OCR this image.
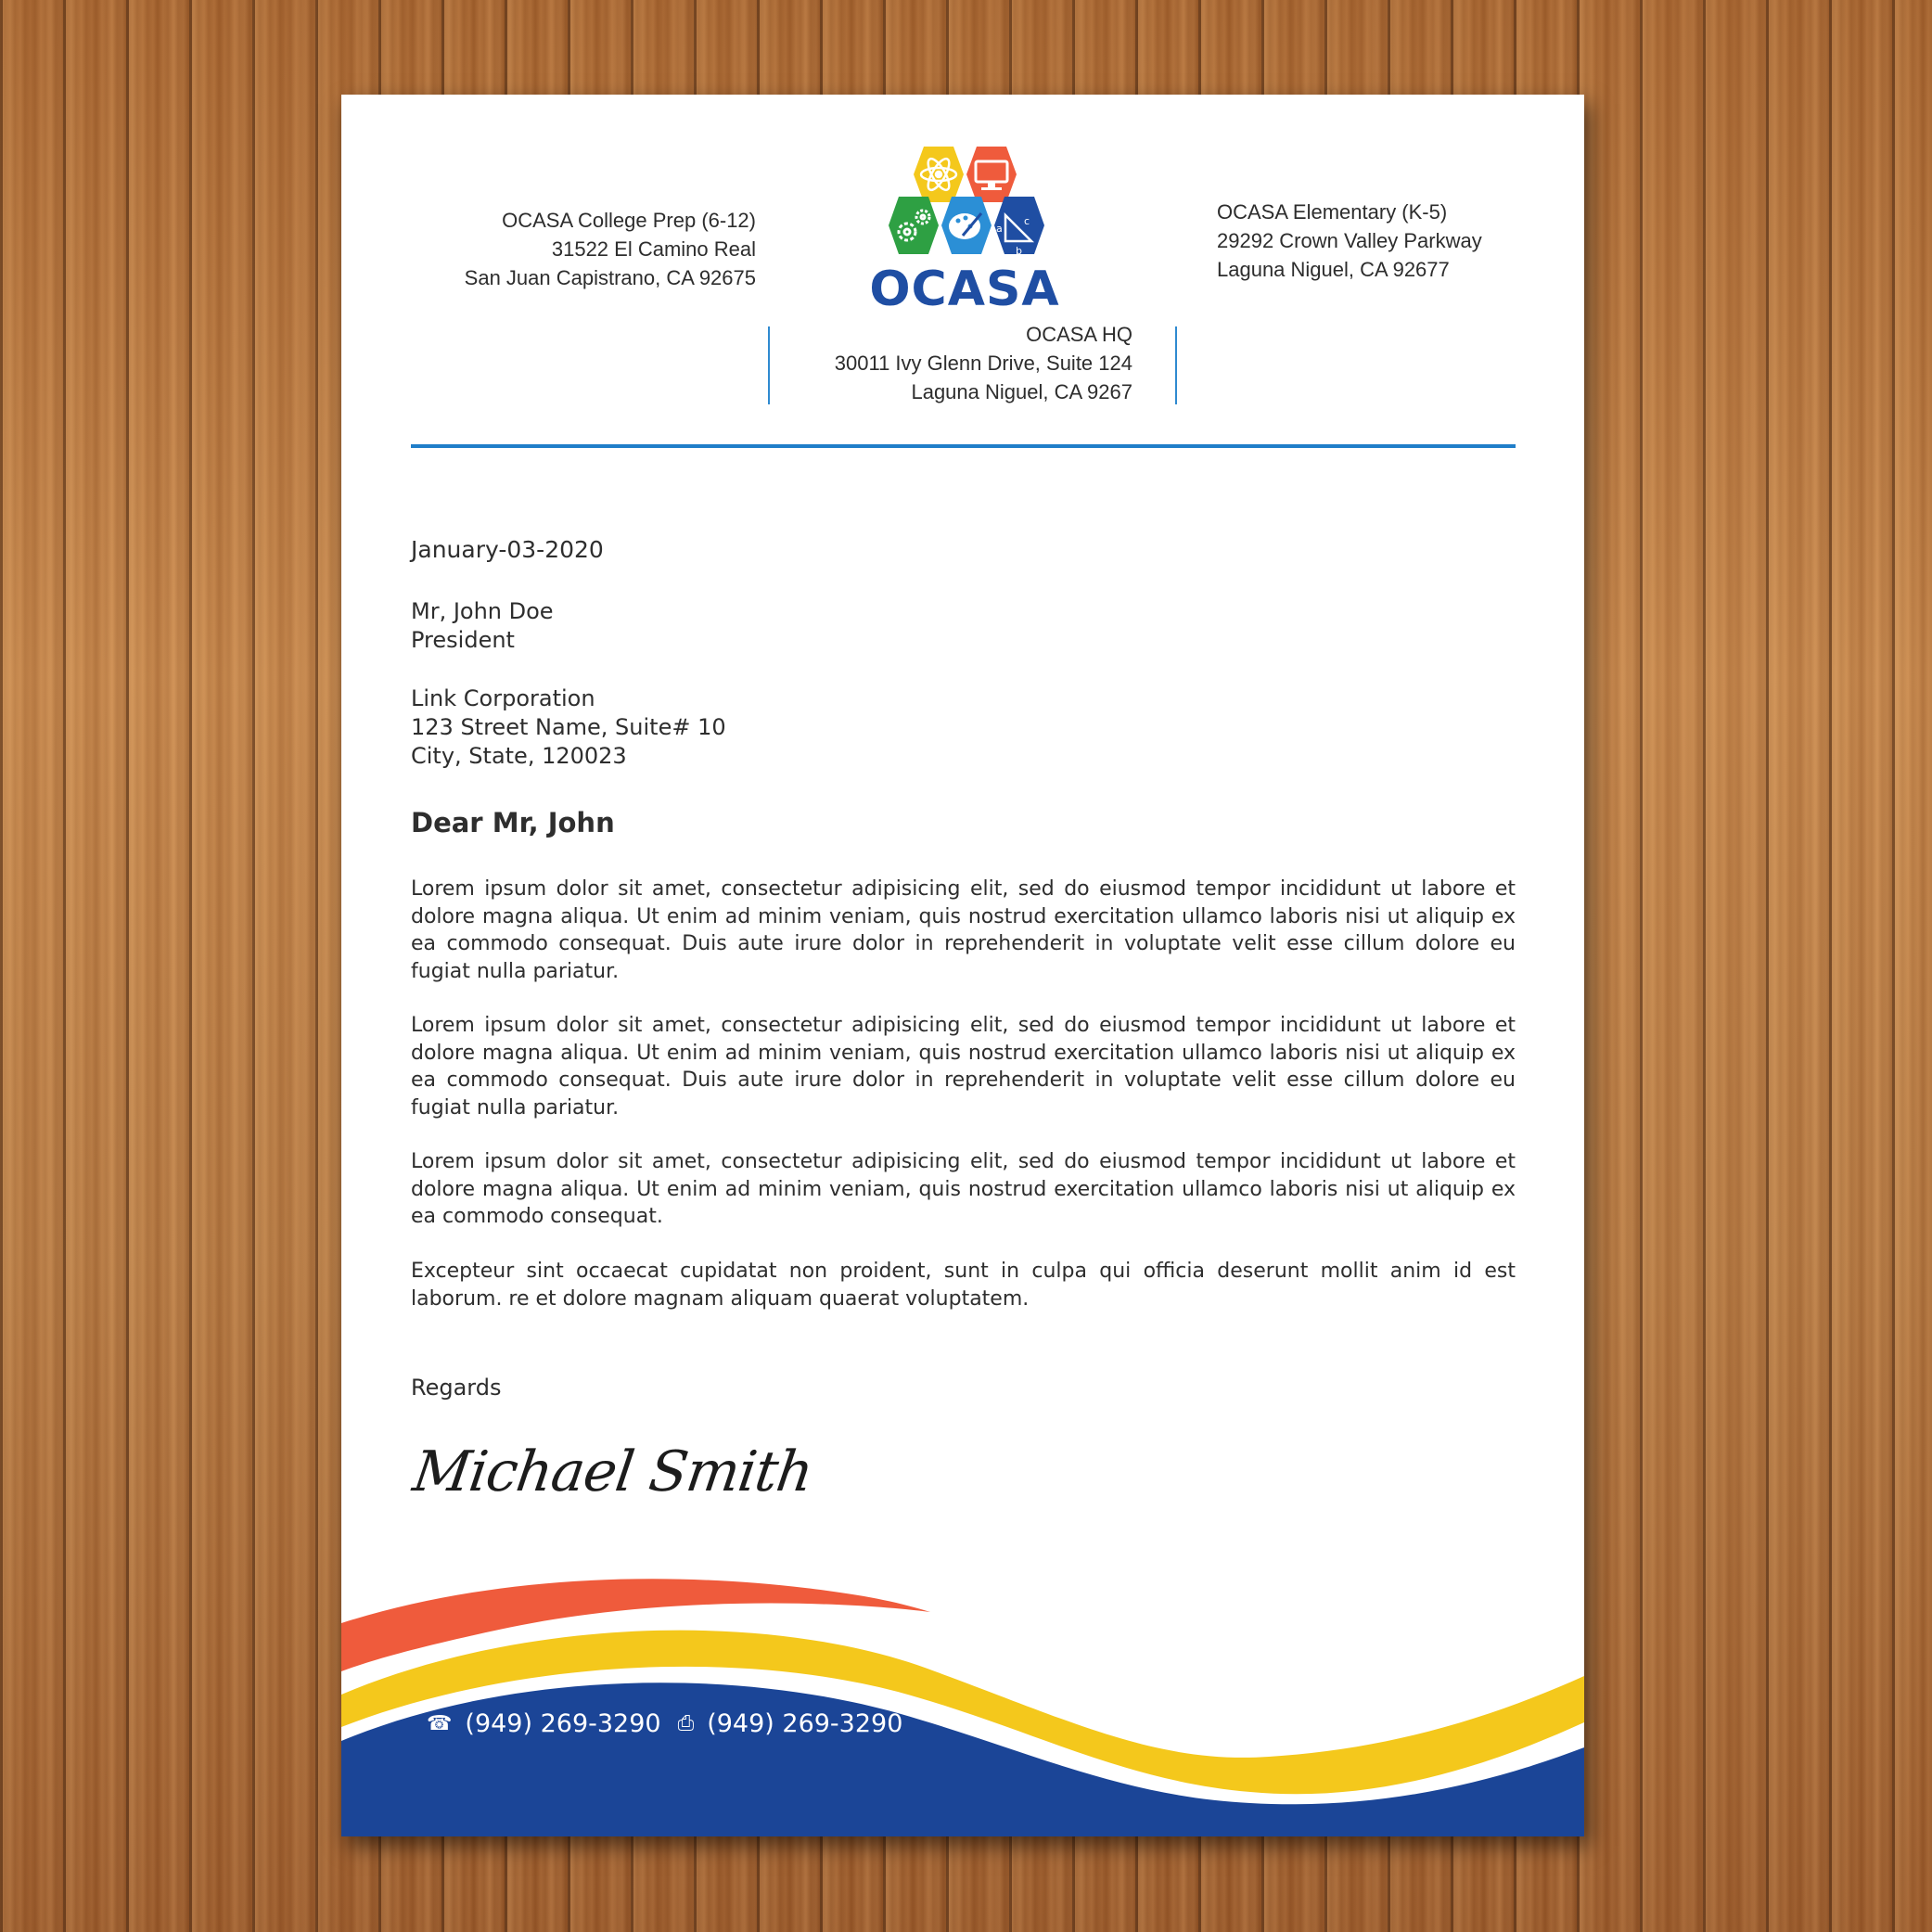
OCASA College Prep (6-12)
31522 El Camino Real
San Juan Capistrano, CA 92675
a
c
b
OCASA
OCASA Elementary (K-5)
29292 Crown Valley Parkway
Laguna Niguel, CA 92677
OCASA HQ
30011 Ivy Glenn Drive, Suite 124
Laguna Niguel, CA 9267
January-03-2020
Mr, John Doe
President
Link Corporation
123 Street Name, Suite# 10
City, State, 120023
Dear Mr, John
Lorem ipsum dolor sit amet, consectetur adipisicing elit, sed do eiusmod tempor incididunt ut labore et dolore magna aliqua. Ut enim ad minim veniam, quis nostrud exercitation ullamco laboris nisi ut aliquip ex ea commodo consequat. Duis aute irure dolor in reprehenderit in voluptate velit esse cillum dolore eu fugiat nulla pariatur.
Lorem ipsum dolor sit amet, consectetur adipisicing elit, sed do eiusmod tempor incididunt ut labore et dolore magna aliqua. Ut enim ad minim veniam, quis nostrud exercitation ullamco laboris nisi ut aliquip ex ea commodo consequat. Duis aute irure dolor in reprehenderit in voluptate velit esse cillum dolore eu fugiat nulla pariatur.
Lorem ipsum dolor sit amet, consectetur adipisicing elit, sed do eiusmod tempor incididunt ut labore et dolore magna aliqua. Ut enim ad minim veniam, quis nostrud exercitation ullamco laboris nisi ut aliquip ex ea commodo consequat.
Excepteur sint occaecat cupidatat non proident, sunt in culpa qui officia deserunt mollit anim id est laborum. re et dolore magnam aliquam quaerat voluptatem.
Regards
Michael Smith
☎ (949) 269-3290 ⎙ (949) 269-3290
